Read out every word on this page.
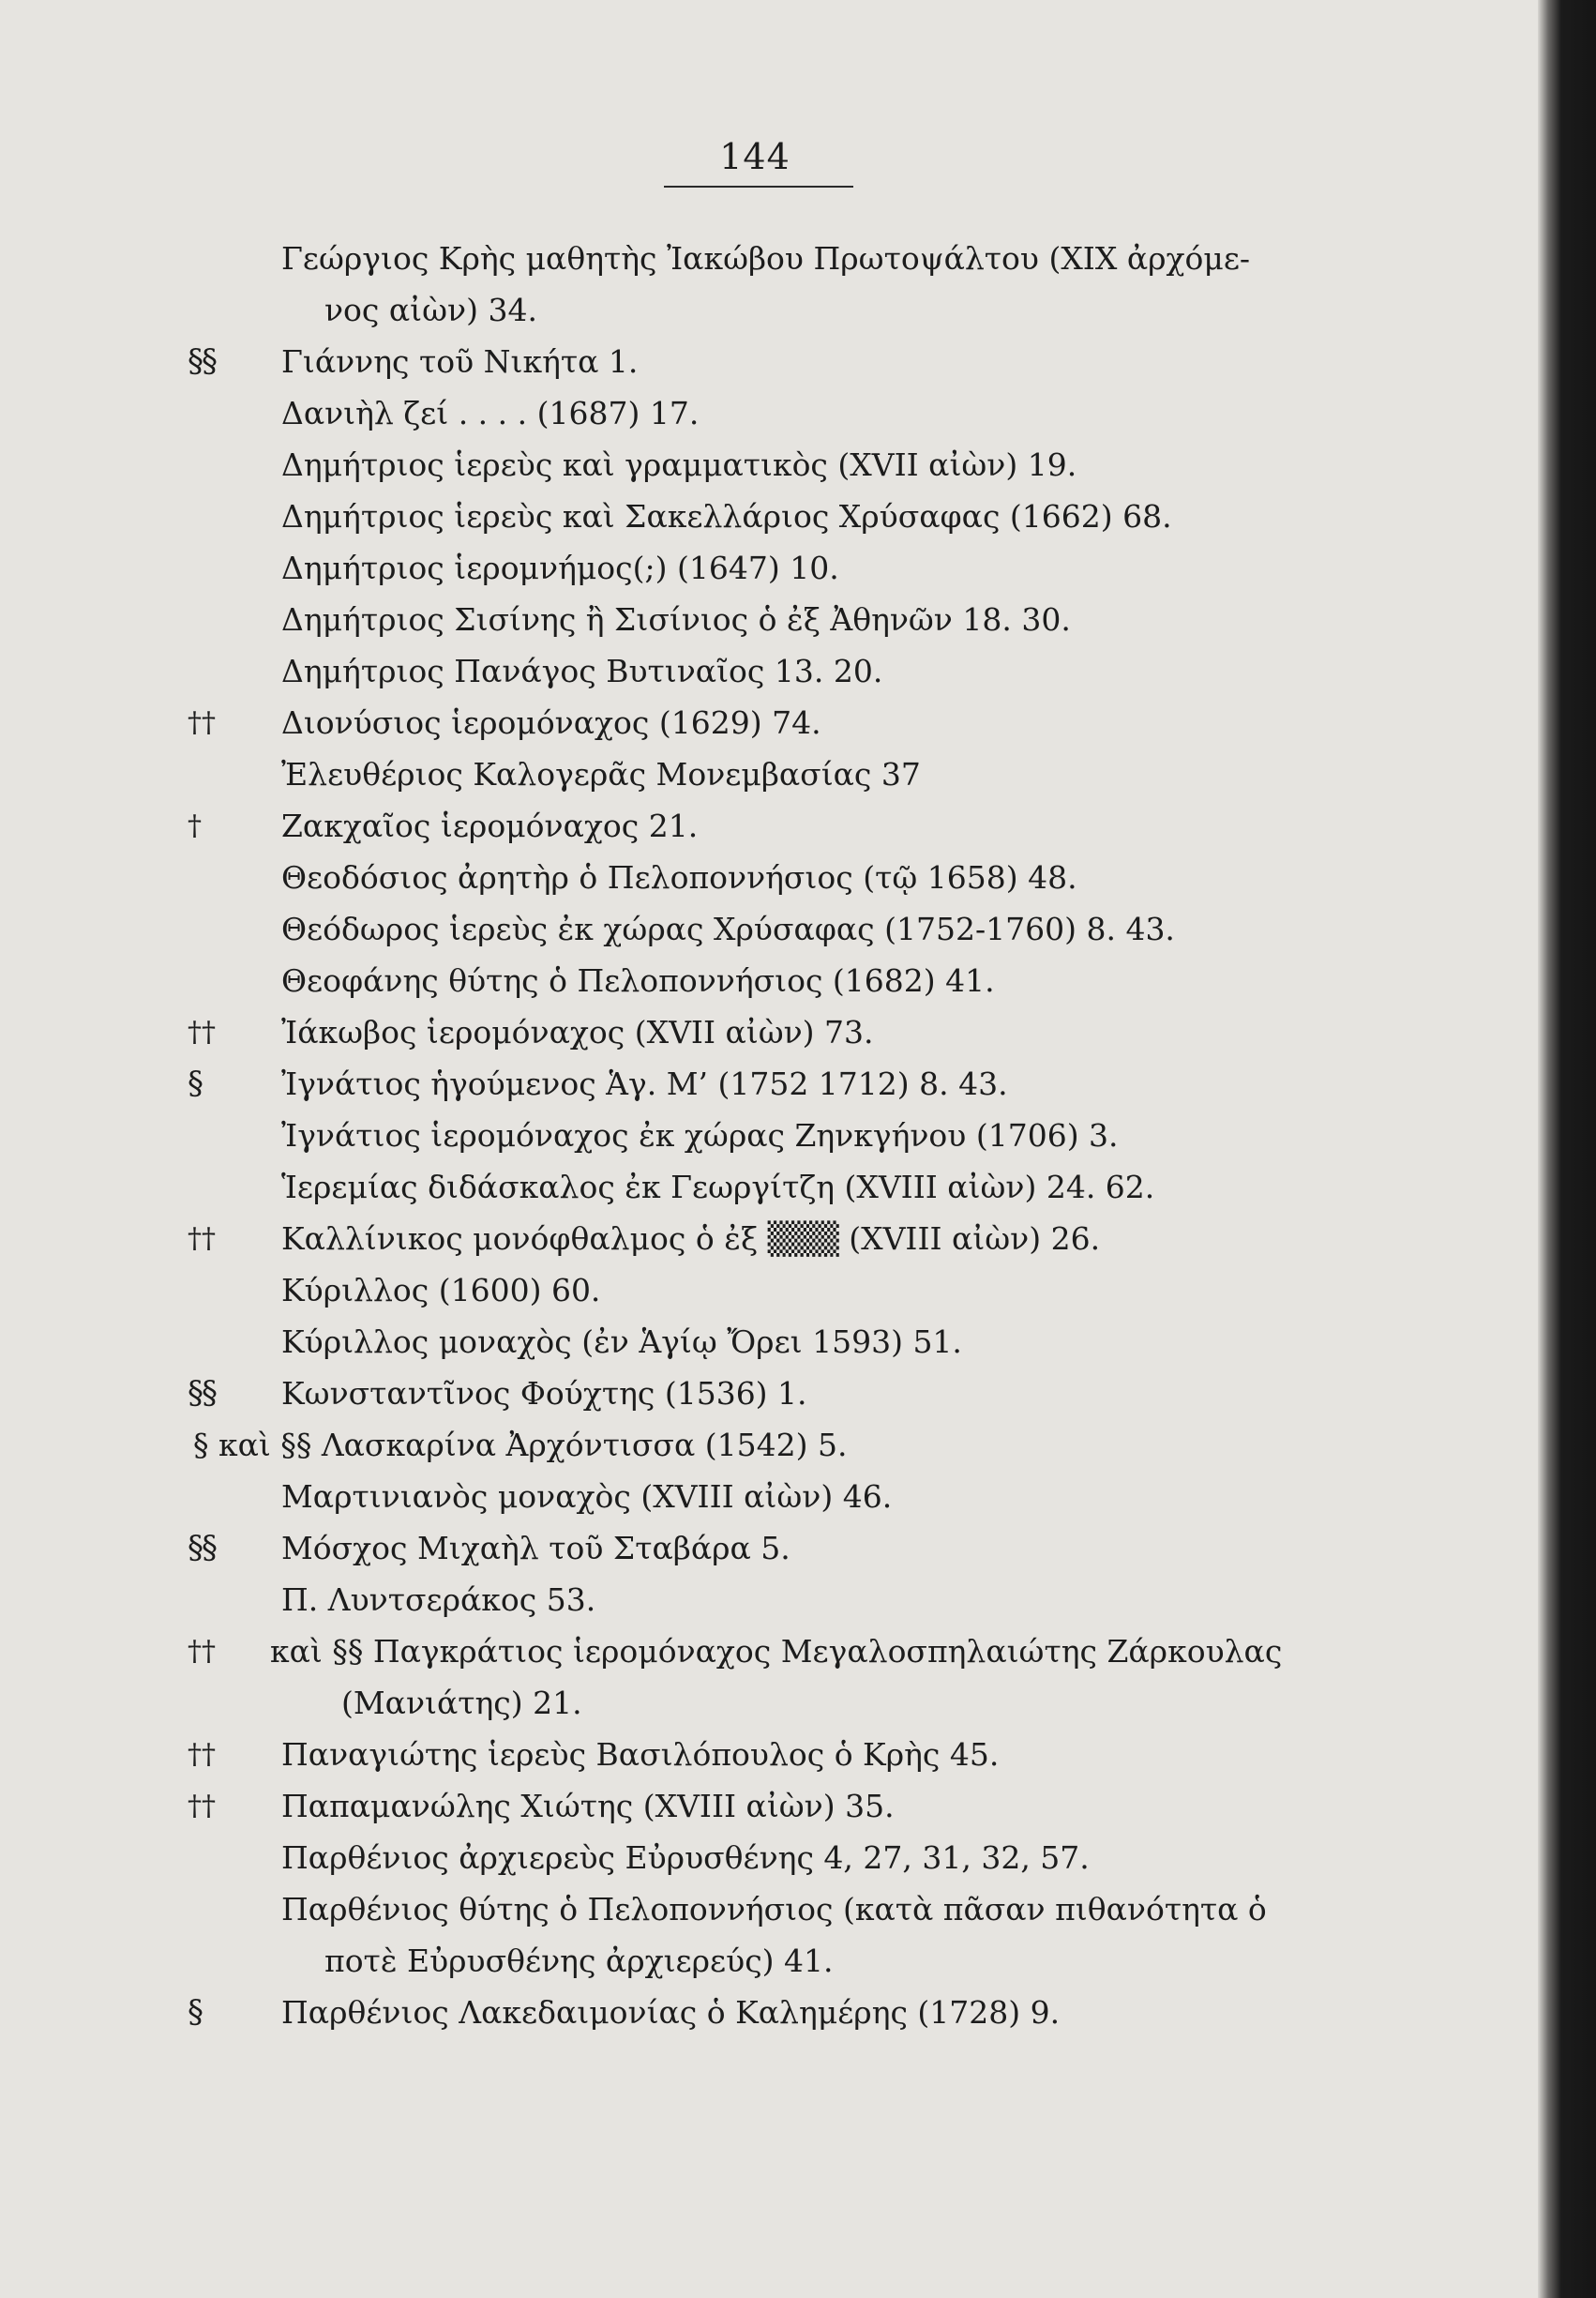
144
Γεώργιος Κρὴς μαθητὴς Ἰακώβου Πρωτοψάλτου (XIX ἀρχόμε-
νος αἰὼν) 34.
§§ Γιάννης τοῦ Νικήτα 1.
Δανιὴλ ζεί . . . . (1687) 17.
Δημήτριος ἱερεὺς καὶ γραμματικὸς (XVII αἰὼν) 19.
Δημήτριος ἱερεὺς καὶ Σακελλάριος Χρύσαφας (1662) 68.
Δημήτριος ἱερομνήμος(;) (1647) 10.
Δημήτριος Σισίνης ἢ Σισίνιος ὁ ἐξ Ἀθηνῶν 18. 30.
Δημήτριος Πανάγος Βυτιναῖος 13. 20.
†† Διονύσιος ἱερομόναχος (1629) 74.
Ἐλευθέριος Καλογερᾶς Μονεμβασίας 37
†	Ζακχαῖος ἱερομόναχος 21.
Θεοδόσιος ἀρητὴρ ὁ Πελοποννήσιος (τῷ 1658) 48.
Θεόδωρος ἱερεὺς ἐκ χώρας Χρύσαφας (1752-1760) 8. 43.
Θεοφάνης θύτης ὁ Πελοποννήσιος (1682) 41.
†† Ἰάκωβος ἱερομόναχος (XVII αἰὼν) 73.
§	Ἰγνάτιος ἡγούμενος Ἁγ. Μ’ (1752 1712) 8. 43.
Ἰγνάτιος ἱερομόναχος ἐκ χώρας Ζηνκγήνου (1706) 3.
Ἱερεμίας διδάσκαλος ἐκ Γεωργίτζη (XVIII αἰὼν) 24. 62.
†† Καλλίνικος μονόφθαλμος ὁ ἐξ ▒▒▒ (XVIII αἰὼν) 26.
Κύριλλος (1600) 60.
Κύριλλος μοναχὸς (ἐν Ἁγίῳ Ὄρει 1593) 51.
§§ Κωνσταντῖνος Φούχτης (1536) 1.
§ καὶ §§ Λασκαρίνα Ἀρχόντισσα (1542) 5.
Μαρτινιανὸς μοναχὸς (XVIII αἰὼν) 46.
§§ Μόσχος Μιχαὴλ τοῦ Σταβάρα 5.
Π. Λυντσεράκος 53.
†† καὶ §§ Παγκράτιος ἱερομόναχος Μεγαλοσπηλαιώτης Ζάρκουλας
(Μανιάτης) 21.
†† Παναγιώτης ἱερεὺς Βασιλόπουλος ὁ Κρὴς 45.
†† Παπαμανώλης Χιώτης (XVIII αἰὼν) 35.
Παρθένιος ἀρχιερεὺς Εὐρυσθένης 4, 27, 31, 32, 57.
Παρθένιος θύτης ὁ Πελοποννήσιος (κατὰ πᾶσαν πιθανότητα ὁ
ποτὲ Εὐρυσθένης ἀρχιερεύς) 41.
§	Παρθένιος Λακεδαιμονίας ὁ Καλημέρης (1728) 9.
